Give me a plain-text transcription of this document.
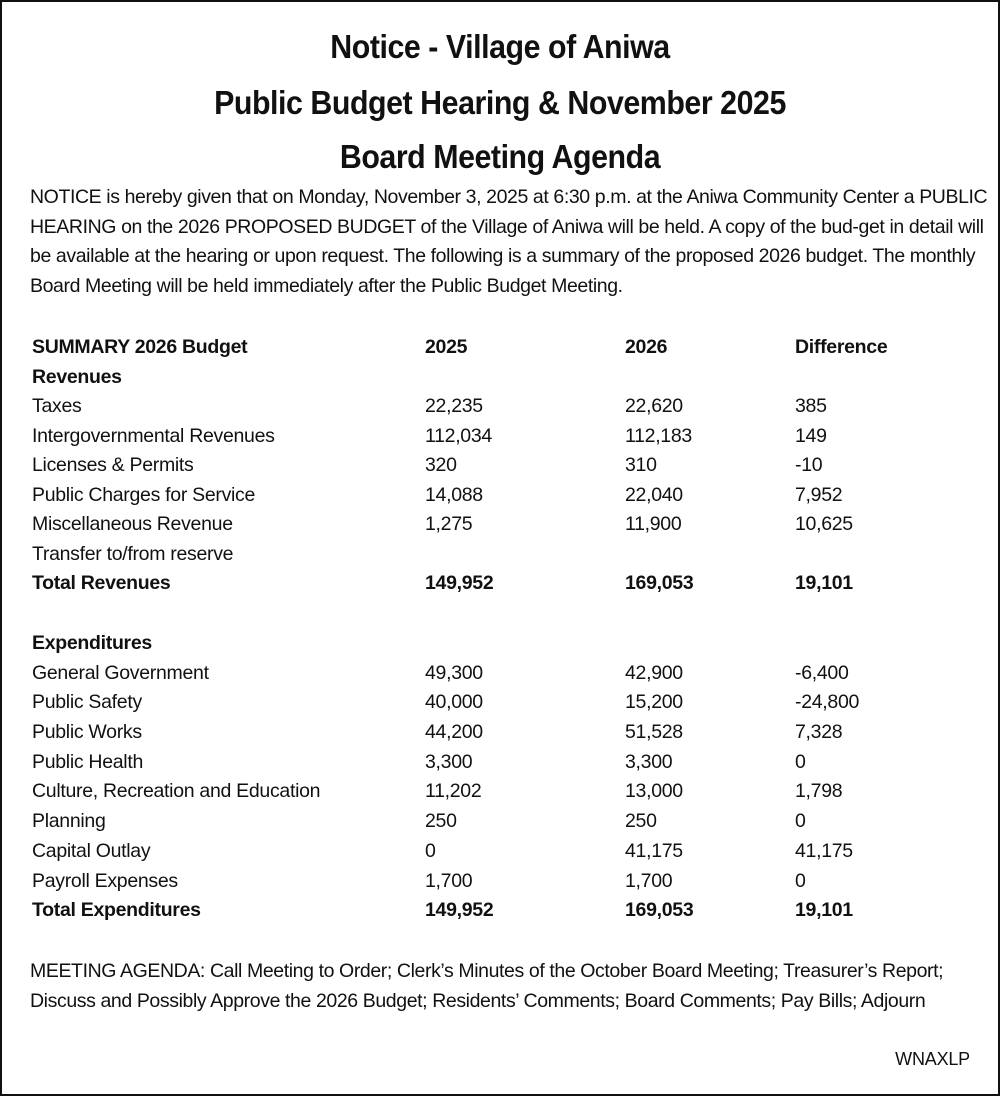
Notice - Village of Aniwa
Public Budget Hearing & November 2025
Board Meeting Agenda

NOTICE is hereby given that on Monday, November 3, 2025 at 6:30 p.m. at the Aniwa Community Center a PUBLIC HEARING on the 2026 PROPOSED BUDGET of the Village of Aniwa will be held. A copy of the bud-get in detail will be available at the hearing or upon request. The following is a summary of the proposed 2026 budget. The monthly Board Meeting will be held immediately after the Public Budget Meeting.

SUMMARY 2026 Budget	2025	2026	Difference
Revenues
Taxes	22,235	22,620	385
Intergovernmental Revenues	112,034	112,183	149
Licenses & Permits	320	310	-10
Public Charges for Service	14,088	22,040	7,952
Miscellaneous Revenue	1,275	11,900	10,625
Transfer to/from reserve
Total Revenues	149,952	169,053	19,101
Expenditures
General Government	49,300	42,900	-6,400
Public Safety	40,000	15,200	-24,800
Public Works	44,200	51,528	7,328
Public Health	3,300	3,300	0
Culture, Recreation and Education	11,202	13,000	1,798
Planning	250	250	0
Capital Outlay	0	41,175	41,175
Payroll Expenses	1,700	1,700	0
Total Expenditures	149,952	169,053	19,101

MEETING AGENDA: Call Meeting to Order; Clerk’s Minutes of the October Board Meeting; Treasurer’s Report; Discuss and Possibly Approve the 2026 Budget; Residents’ Comments; Board Comments; Pay Bills; Adjourn

WNAXLP
